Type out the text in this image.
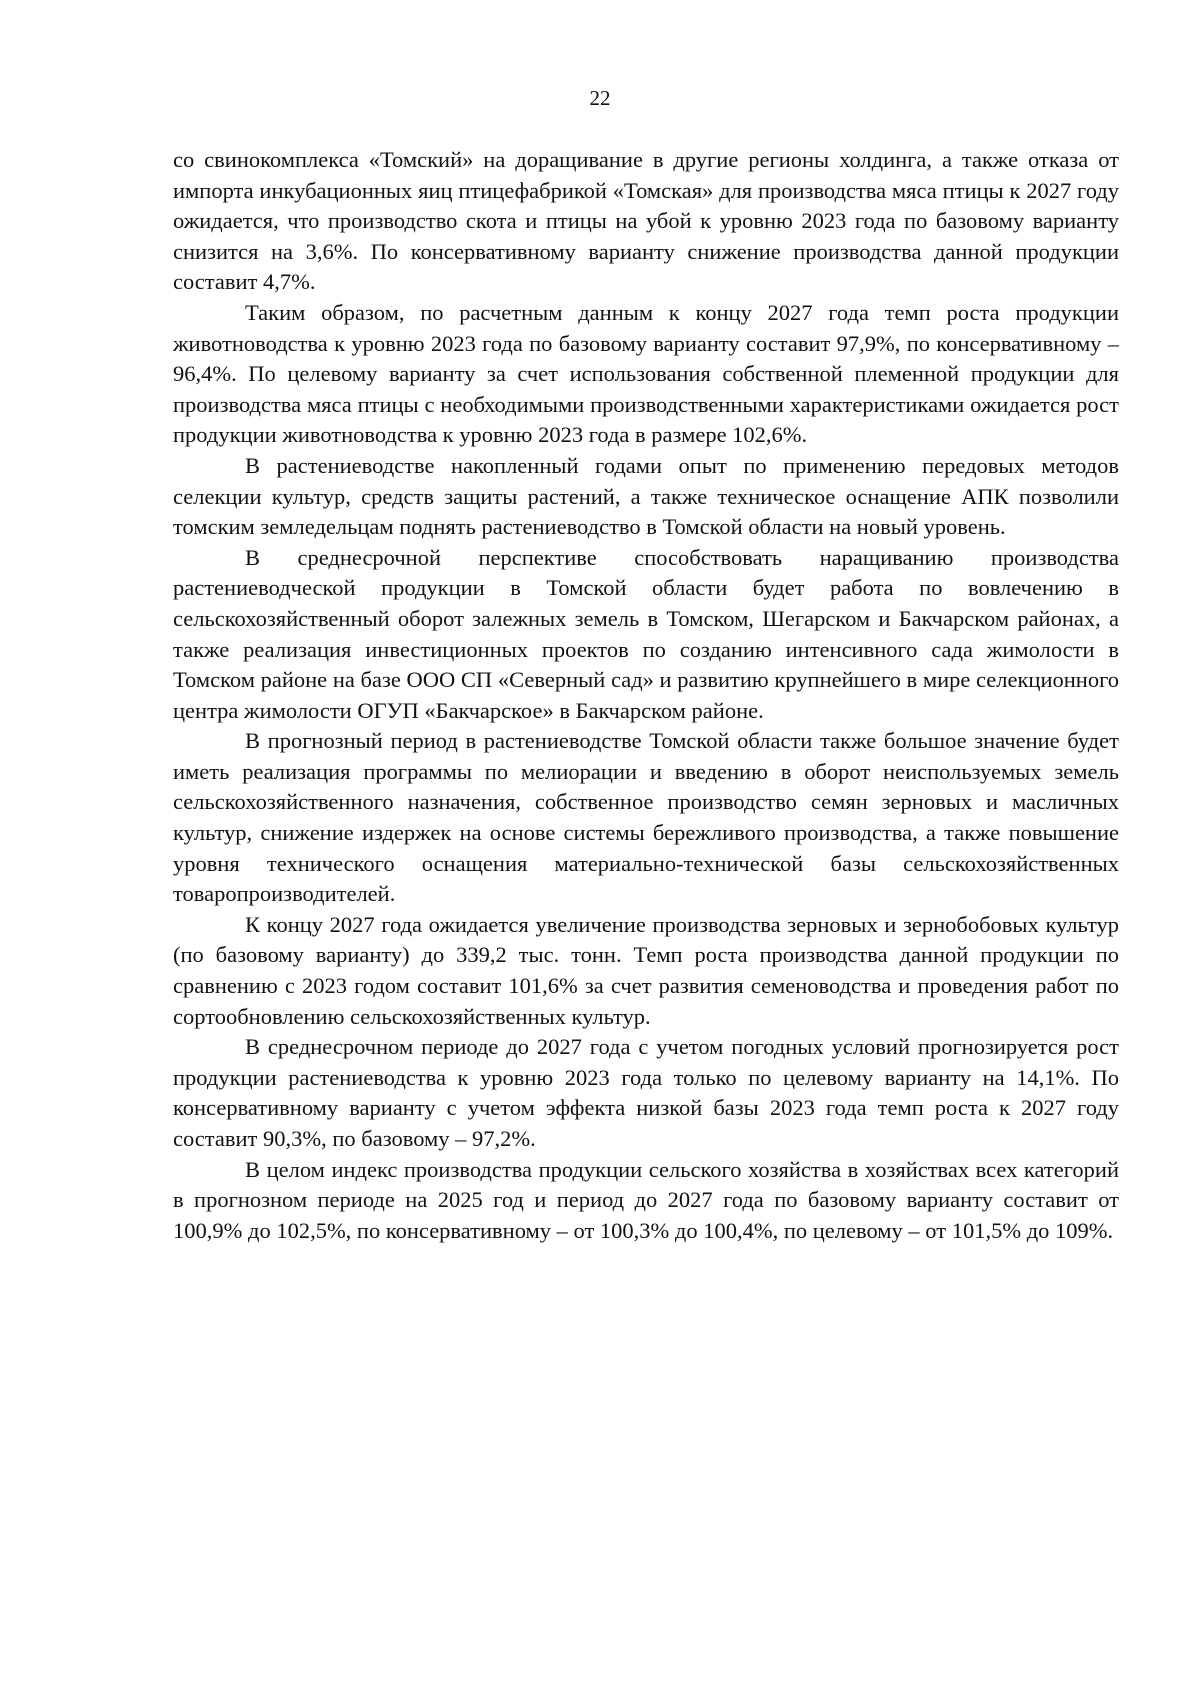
22

со свинокомплекса «Томский» на доращивание в другие регионы холдинга, а также отказа от импорта инкубационных яиц птицефабрикой «Томская» для производства мяса птицы к 2027 году ожидается, что производство скота и птицы на убой к уровню 2023 года по базовому варианту снизится на 3,6%. По консервативному варианту снижение производства данной продукции составит 4,7%.

Таким образом, по расчетным данным к концу 2027 года темп роста продукции животноводства к уровню 2023 года по базовому варианту составит 97,9%, по консервативному – 96,4%. По целевому варианту за счет использования собственной племенной продукции для производства мяса птицы с необходимыми производственными характеристиками ожидается рост продукции животноводства к уровню 2023 года в размере 102,6%.

В растениеводстве накопленный годами опыт по применению передовых методов селекции культур, средств защиты растений, а также техническое оснащение АПК позволили томским земледельцам поднять растениеводство в Томской области на новый уровень.

В среднесрочной перспективе способствовать наращиванию производства растениеводческой продукции в Томской области будет работа по вовлечению в сельскохозяйственный оборот залежных земель в Томском, Шегарском и Бакчарском районах, а также реализация инвестиционных проектов по созданию интенсивного сада жимолости в Томском районе на базе ООО СП «Северный сад» и развитию крупнейшего в мире селекционного центра жимолости ОГУП «Бакчарское» в Бакчарском районе.

В прогнозный период в растениеводстве Томской области также большое значение будет иметь реализация программы по мелиорации и введению в оборот неиспользуемых земель сельскохозяйственного назначения, собственное производство семян зерновых и масличных культур, снижение издержек на основе системы бережливого производства, а также повышение уровня технического оснащения материально-технической базы сельскохозяйственных товаропроизводителей.

К концу 2027 года ожидается увеличение производства зерновых и зернобобовых культур (по базовому варианту) до 339,2 тыс. тонн. Темп роста производства данной продукции по сравнению с 2023 годом составит 101,6% за счет развития семеноводства и проведения работ по сортообновлению сельскохозяйственных культур.

В среднесрочном периоде до 2027 года с учетом погодных условий прогнозируется рост продукции растениеводства к уровню 2023 года только по целевому варианту на 14,1%. По консервативному варианту с учетом эффекта низкой базы 2023 года темп роста к 2027 году составит 90,3%, по базовому – 97,2%.

В целом индекс производства продукции сельского хозяйства в хозяйствах всех категорий в прогнозном периоде на 2025 год и период до 2027 года по базовому варианту составит от 100,9% до 102,5%, по консервативному – от 100,3% до 100,4%, по целевому – от 101,5% до 109%.
